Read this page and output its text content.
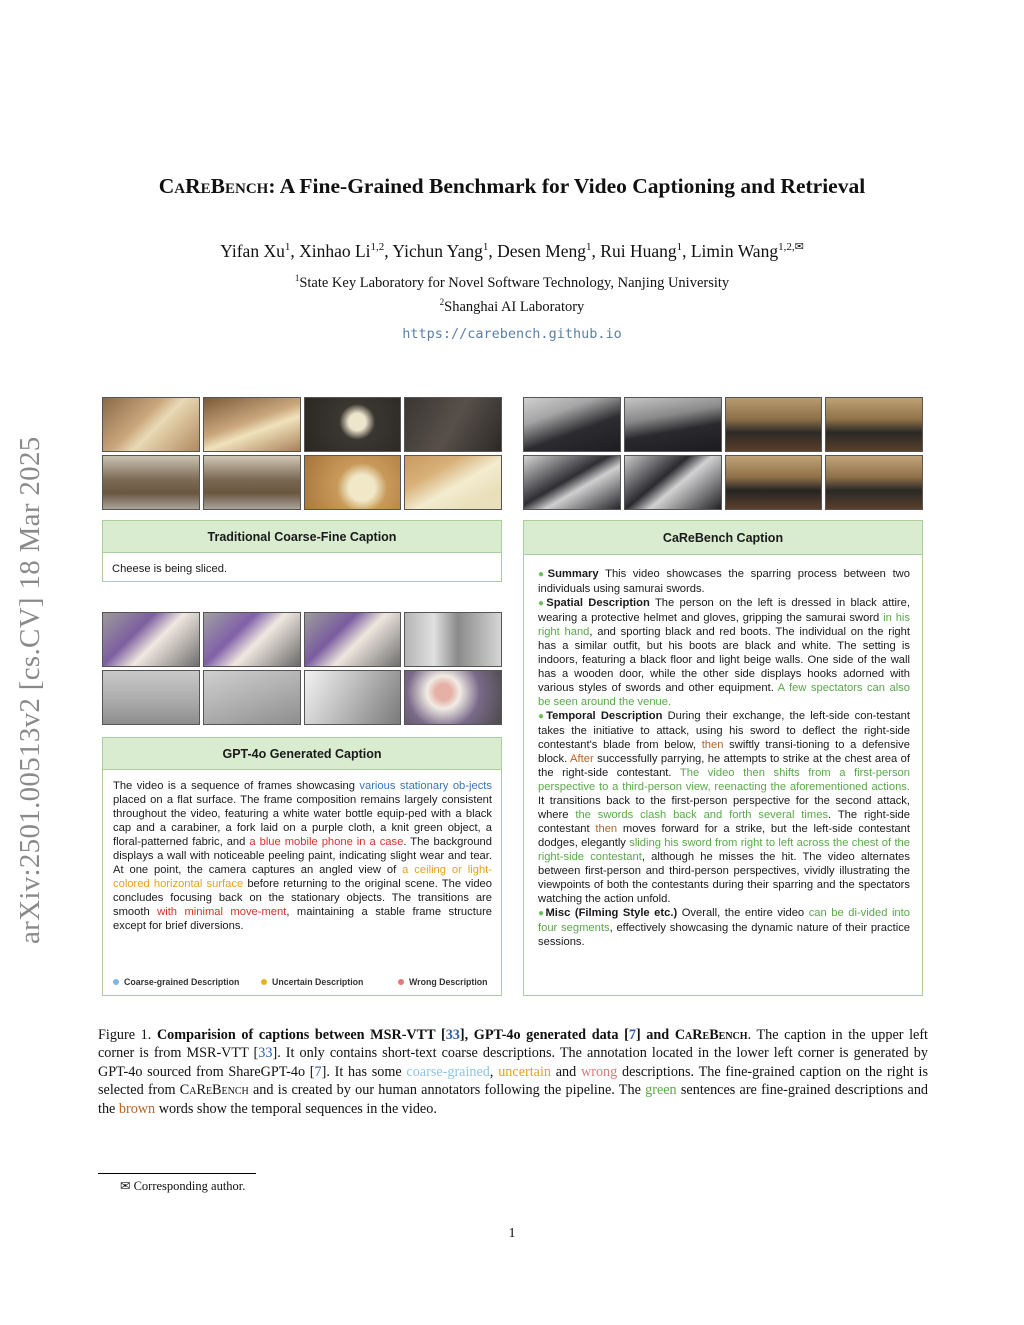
arXiv:2501.00513v2 [cs.CV] 18 Mar 2025
CaReBench: A Fine-Grained Benchmark for Video Captioning and Retrieval
Yifan Xu$^1$, Xinhao Li$^{1,2}$, Yichun Yang$^1$, Desen Meng$^1$, Rui Huang$^1$, Limin Wang$^{1,2,✉}$
$^1$State Key Laboratory for Novel Software Technology, Nanjing University
$^2$Shanghai AI Laboratory
https://carebench.github.io
Traditional Coarse-Fine Caption
Cheese is being sliced.
GPT-4o Generated Caption
The video is a sequence of frames showcasing various stationary ob-jects placed on a flat surface. The frame composition remains largely consistent throughout the video, featuring a white water bottle equip-ped with a black cap and a carabiner, a fork laid on a purple cloth, a knit green object, a floral-patterned fabric, and a blue mobile phone in a case. The background displays a wall with noticeable peeling paint, indicating slight wear and tear. At one point, the camera captures an angled view of a ceiling or light-colored horizontal surface before returning to the original scene. The video concludes focusing back on the stationary objects. The transitions are smooth with minimal move-ment, maintaining a stable frame structure except for brief diversions.
Coarse-grained Description	Uncertain Description	Wrong Description
CaReBench Caption
●Summary This video showcases the sparring process between two individuals using samurai swords.
●Spatial Description The person on the left is dressed in black attire, wearing a protective helmet and gloves, gripping the samurai sword in his right hand, and sporting black and red boots. The individual on the right has a similar outfit, but his boots are black and white. The setting is indoors, featuring a black floor and light beige walls. One side of the wall has a wooden door, while the other side displays hooks adorned with various styles of swords and other equipment. A few spectators can also be seen around the venue.
●Temporal Description During their exchange, the left-side con-testant takes the initiative to attack, using his sword to deflect the right-side contestant's blade from below, then swiftly transi-tioning to a defensive block. After successfully parrying, he attempts to strike at the chest area of the right-side contestant. The video then shifts from a first-person perspective to a third-person view, reenacting the aforementioned actions. It transitions back to the first-person perspective for the second attack, where the swords clash back and forth several times. The right-side contestant then moves forward for a strike, but the left-side contestant dodges, elegantly sliding his sword from right to left across the chest of the right-side contestant, although he misses the hit. The video alternates between first-person and third-person perspectives, vividly illustrating the viewpoints of both the contestants during their sparring and the spectators watching the action unfold.
●Misc (Filming Style etc.) Overall, the entire video can be di-vided into four segments, effectively showcasing the dynamic nature of their practice sessions.
Figure 1. Comparision of captions between MSR-VTT [33], GPT-4o generated data [7] and CaReBench. The caption in the upper left corner is from MSR-VTT [33]. It only contains short-text coarse descriptions. The annotation located in the lower left corner is generated by GPT-4o sourced from ShareGPT-4o [7]. It has some coarse-grained, uncertain and wrong descriptions. The fine-grained caption on the right is selected from CaReBench and is created by our human annotators following the pipeline. The green sentences are fine-grained descriptions and the brown words show the temporal sequences in the video.
✉ Corresponding author.
1
